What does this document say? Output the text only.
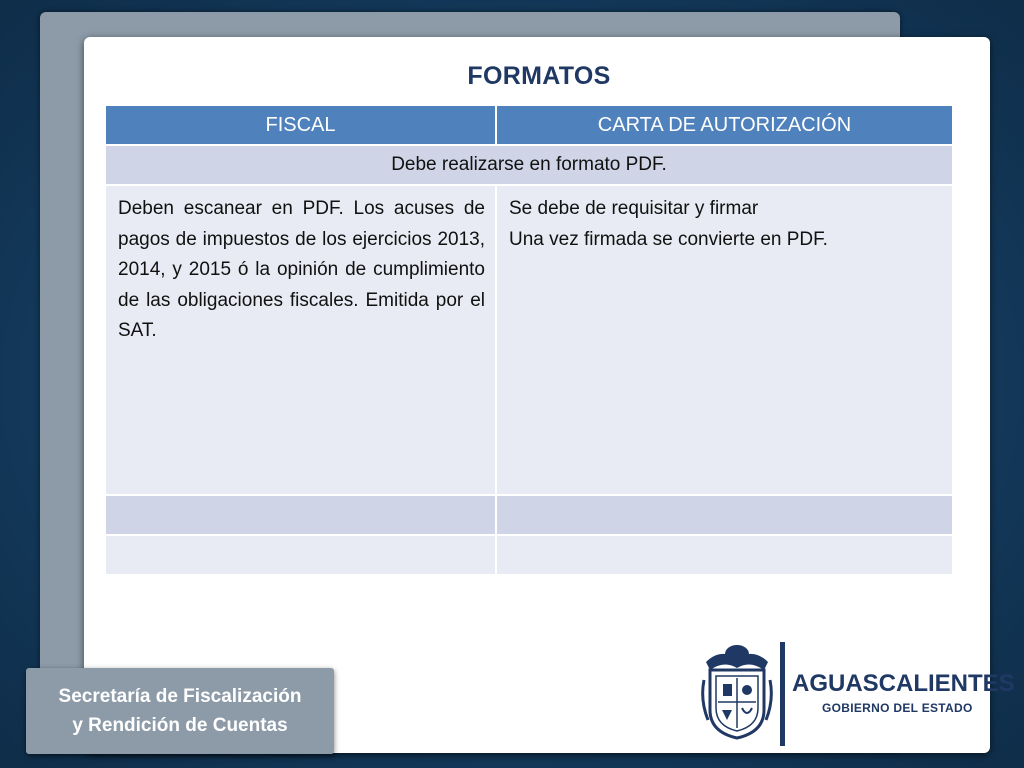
FORMATOS
FISCAL	CARTA DE AUTORIZACIÓN
Debe realizarse en formato PDF.	
Deben escanear en PDF. Los acuses de pagos de impuestos de los ejercicios 2013, 2014, y 2015 ó la opinión de cumplimiento de las obligaciones fiscales. Emitida por el SAT.	Se debe de requisitar y firmar
Una vez firmada se convierte en PDF.

Secretaría de Fiscalización
y Rendición de Cuentas
AGUASCALIENTES
GOBIERNO DEL ESTADO
